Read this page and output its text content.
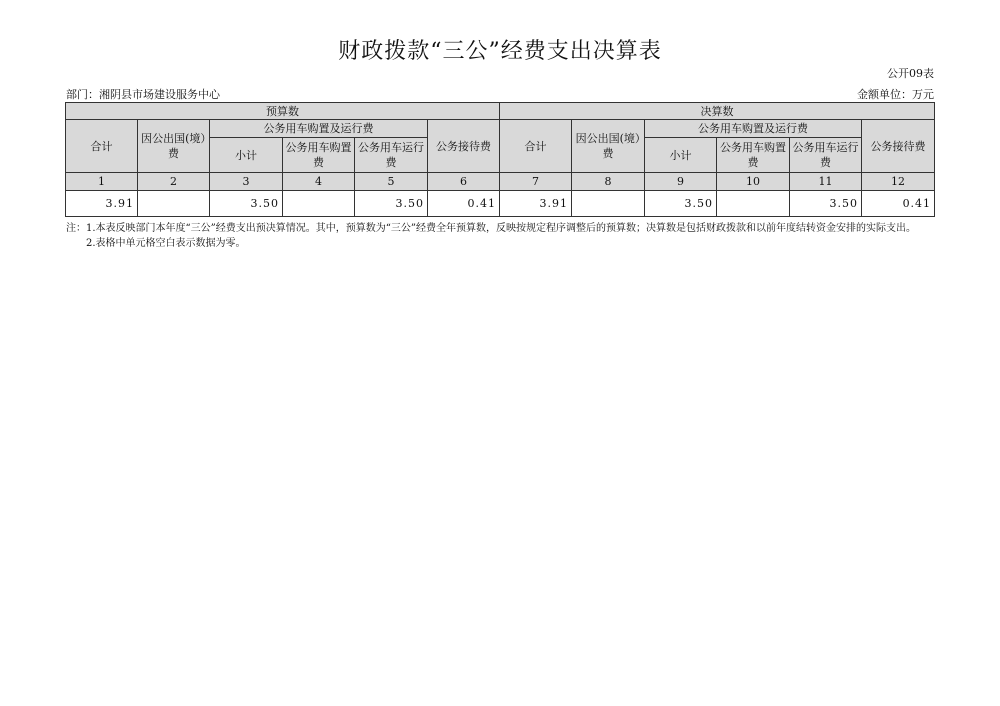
财政拨款“三公”经费支出决算表
公开09表
部门：湘阴县市场建设服务中心	金额单位：万元
预算数						决算数					
合计	因公出国(境）费	公务用车购置及运行费			公务接待费	合计	因公出国(境）费	公务用车购置及运行费			公务接待费
		小计	公务用车购置费	公务用车运行费				小计	公务用车购置费	公务用车运行费	
1	2	3	4	5	6	7	8	9	10	11	12
3.91		3.50		3.50	0.41	3.91		3.50		3.50	0.41

注：1.本表反映部门本年度“三公”经费支出预决算情况。其中，预算数为“三公”经费全年预算数，反映按规定程序调整后的预算数；决算数是包括财政拨款和以前年度结转资金安排的实际支出。

2.表格中单元格空白表示数据为零。
